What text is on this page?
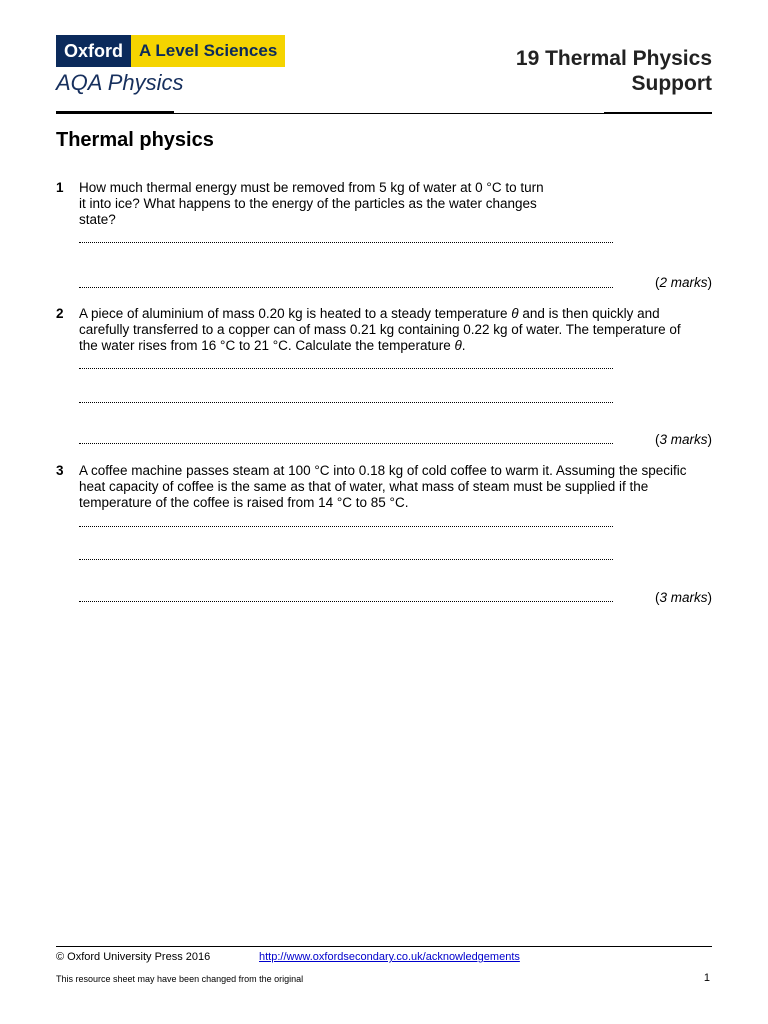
Oxford A Level Sciences
AQA Physics
19 Thermal Physics
Support
Thermal physics
1 How much thermal energy must be removed from 5 kg of water at 0 °C to turn it into ice? What happens to the energy of the particles as the water changes state?
(2 marks)
2 A piece of aluminium of mass 0.20 kg is heated to a steady temperature θ and is then quickly and carefully transferred to a copper can of mass 0.21 kg containing 0.22 kg of water. The temperature of the water rises from 16 °C to 21 °C. Calculate the temperature θ.
(3 marks)
3 A coffee machine passes steam at 100 °C into 0.18 kg of cold coffee to warm it. Assuming the specific heat capacity of coffee is the same as that of water, what mass of steam must be supplied if the temperature of the coffee is raised from 14 °C to 85 °C.
(3 marks)
© Oxford University Press 2016	http://www.oxfordsecondary.co.uk/acknowledgements
This resource sheet may have been changed from the original	1
